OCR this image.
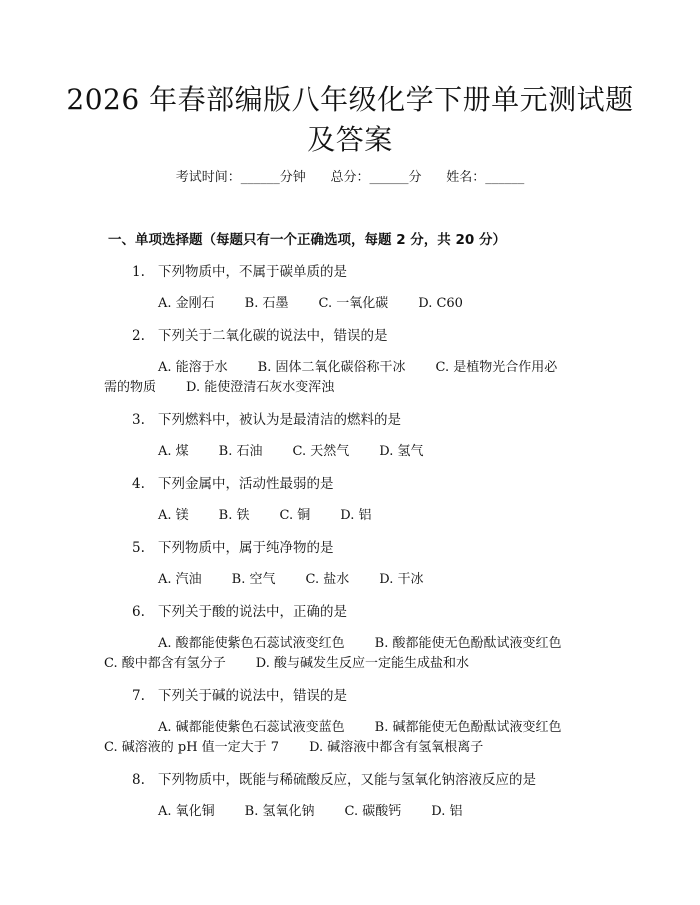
2026 年春部编版八年级化学下册单元测试题
及答案
考试时间：______分钟      总分：______分      姓名：______
一、单项选择题（每题只有一个正确选项，每题 2 分，共 20 分）
1. 下列物质中，不属于碳单质的是
A. 金刚石 B. 石墨 C. 一氧化碳 D. C60
2. 下列关于二氧化碳的说法中，错误的是
A. 能溶于水 B. 固体二氧化碳俗称干冰 C. 是植物光合作用必
需的物质 D. 能使澄清石灰水变浑浊
3. 下列燃料中，被认为是最清洁的燃料的是
A. 煤 B. 石油 C. 天然气 D. 氢气
4. 下列金属中，活动性最弱的是
A. 镁 B. 铁 C. 铜 D. 铝
5. 下列物质中，属于纯净物的是
A. 汽油 B. 空气 C. 盐水 D. 干冰
6. 下列关于酸的说法中，正确的是
A. 酸都能使紫色石蕊试液变红色 B. 酸都能使无色酚酞试液变红色
C. 酸中都含有氢分子 D. 酸与碱发生反应一定能生成盐和水
7. 下列关于碱的说法中，错误的是
A. 碱都能使紫色石蕊试液变蓝色 B. 碱都能使无色酚酞试液变红色
C. 碱溶液的 pH 值一定大于 7 D. 碱溶液中都含有氢氧根离子
8. 下列物质中，既能与稀硫酸反应，又能与氢氧化钠溶液反应的是
A. 氧化铜 B. 氢氧化钠 C. 碳酸钙 D. 铝
